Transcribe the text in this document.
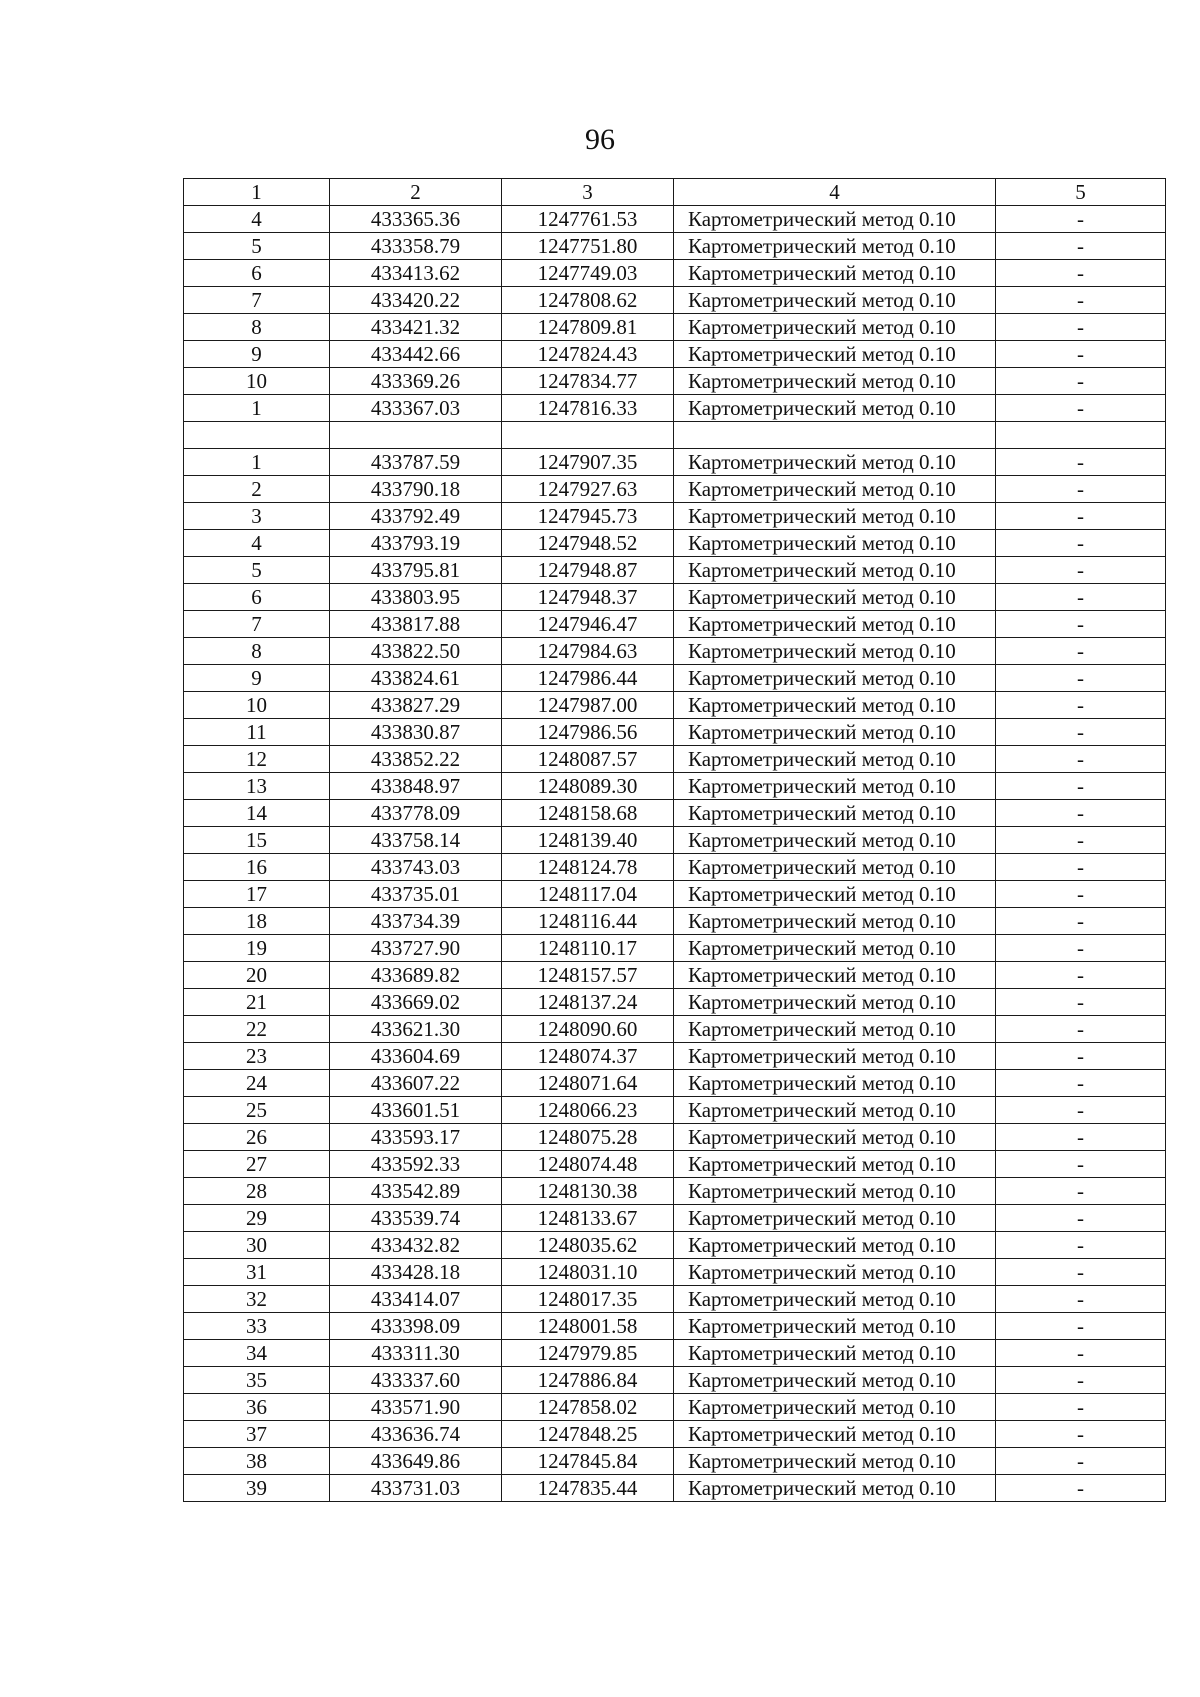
96
1	2	3	4	5
4	433365.36	1247761.53	Картометрический метод 0.10	-
5	433358.79	1247751.80	Картометрический метод 0.10	-
6	433413.62	1247749.03	Картометрический метод 0.10	-
7	433420.22	1247808.62	Картометрический метод 0.10	-
8	433421.32	1247809.81	Картометрический метод 0.10	-
9	433442.66	1247824.43	Картометрический метод 0.10	-
10	433369.26	1247834.77	Картометрический метод 0.10	-
1	433367.03	1247816.33	Картометрический метод 0.10	-

1	433787.59	1247907.35	Картометрический метод 0.10	-
2	433790.18	1247927.63	Картометрический метод 0.10	-
3	433792.49	1247945.73	Картометрический метод 0.10	-
4	433793.19	1247948.52	Картометрический метод 0.10	-
5	433795.81	1247948.87	Картометрический метод 0.10	-
6	433803.95	1247948.37	Картометрический метод 0.10	-
7	433817.88	1247946.47	Картометрический метод 0.10	-
8	433822.50	1247984.63	Картометрический метод 0.10	-
9	433824.61	1247986.44	Картометрический метод 0.10	-
10	433827.29	1247987.00	Картометрический метод 0.10	-
11	433830.87	1247986.56	Картометрический метод 0.10	-
12	433852.22	1248087.57	Картометрический метод 0.10	-
13	433848.97	1248089.30	Картометрический метод 0.10	-
14	433778.09	1248158.68	Картометрический метод 0.10	-
15	433758.14	1248139.40	Картометрический метод 0.10	-
16	433743.03	1248124.78	Картометрический метод 0.10	-
17	433735.01	1248117.04	Картометрический метод 0.10	-
18	433734.39	1248116.44	Картометрический метод 0.10	-
19	433727.90	1248110.17	Картометрический метод 0.10	-
20	433689.82	1248157.57	Картометрический метод 0.10	-
21	433669.02	1248137.24	Картометрический метод 0.10	-
22	433621.30	1248090.60	Картометрический метод 0.10	-
23	433604.69	1248074.37	Картометрический метод 0.10	-
24	433607.22	1248071.64	Картометрический метод 0.10	-
25	433601.51	1248066.23	Картометрический метод 0.10	-
26	433593.17	1248075.28	Картометрический метод 0.10	-
27	433592.33	1248074.48	Картометрический метод 0.10	-
28	433542.89	1248130.38	Картометрический метод 0.10	-
29	433539.74	1248133.67	Картометрический метод 0.10	-
30	433432.82	1248035.62	Картометрический метод 0.10	-
31	433428.18	1248031.10	Картометрический метод 0.10	-
32	433414.07	1248017.35	Картометрический метод 0.10	-
33	433398.09	1248001.58	Картометрический метод 0.10	-
34	433311.30	1247979.85	Картометрический метод 0.10	-
35	433337.60	1247886.84	Картометрический метод 0.10	-
36	433571.90	1247858.02	Картометрический метод 0.10	-
37	433636.74	1247848.25	Картометрический метод 0.10	-
38	433649.86	1247845.84	Картометрический метод 0.10	-
39	433731.03	1247835.44	Картометрический метод 0.10	-
